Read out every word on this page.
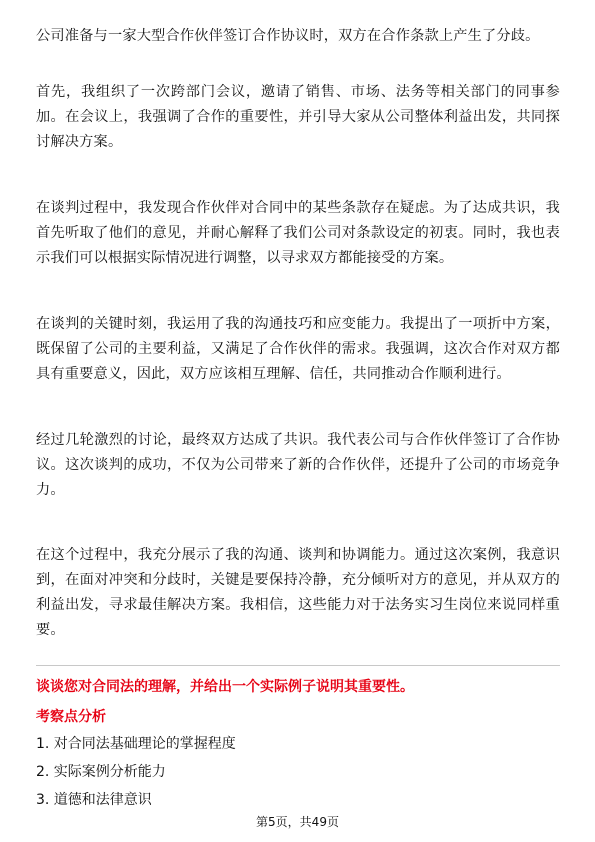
公司准备与一家大型合作伙伴签订合作协议时，双方在合作条款上产生了分歧。

首先，我组织了一次跨部门会议，邀请了销售、市场、法务等相关部门的同事参加。在会议上，我强调了合作的重要性，并引导大家从公司整体利益出发，共同探讨解决方案。

在谈判过程中，我发现合作伙伴对合同中的某些条款存在疑虑。为了达成共识，我首先听取了他们的意见，并耐心解释了我们公司对条款设定的初衷。同时，我也表示我们可以根据实际情况进行调整，以寻求双方都能接受的方案。

在谈判的关键时刻，我运用了我的沟通技巧和应变能力。我提出了一项折中方案，既保留了公司的主要利益，又满足了合作伙伴的需求。我强调，这次合作对双方都具有重要意义，因此，双方应该相互理解、信任，共同推动合作顺利进行。

经过几轮激烈的讨论，最终双方达成了共识。我代表公司与合作伙伴签订了合作协议。这次谈判的成功，不仅为公司带来了新的合作伙伴，还提升了公司的市场竞争力。

在这个过程中，我充分展示了我的沟通、谈判和协调能力。通过这次案例，我意识到，在面对冲突和分歧时，关键是要保持冷静，充分倾听对方的意见，并从双方的利益出发，寻求最佳解决方案。我相信，这些能力对于法务实习生岗位来说同样重要。

谈谈您对合同法的理解，并给出一个实际例子说明其重要性。

考察点分析

1. 对合同法基础理论的掌握程度

2. 实际案例分析能力

3. 道德和法律意识

第5页，共49页
